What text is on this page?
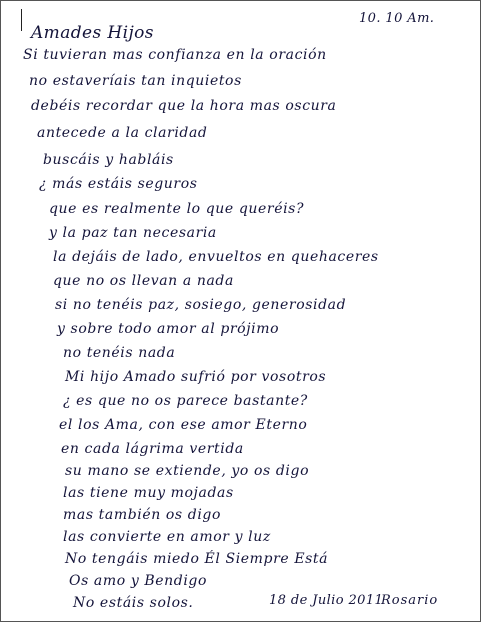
Amades Hijos
10. 10 Am.
Si tuvieran mas confianza en la oración
no estaveríais tan inquietos
debéis recordar que la hora mas oscura
antecede a la claridad
buscáis y habláis
¿ más estáis seguros
que es realmente lo que queréis?
y la paz tan necesaria
la dejáis de lado, envueltos en quehaceres
que no os llevan a nada
si no tenéis paz, sosiego, generosidad
y sobre todo amor al prójimo
no tenéis nada
Mi hijo Amado sufrió por vosotros
¿ es que no os parece bastante?
el los Ama, con ese amor Eterno
en cada lágrima vertida
su mano se extiende, yo os digo
las tiene muy mojadas
mas también os digo
las convierte en amor y luz
No tengáis miedo Él Siempre Está
Os amo y Bendigo
No estáis solos.	18 de Julio 2011
Rosario
